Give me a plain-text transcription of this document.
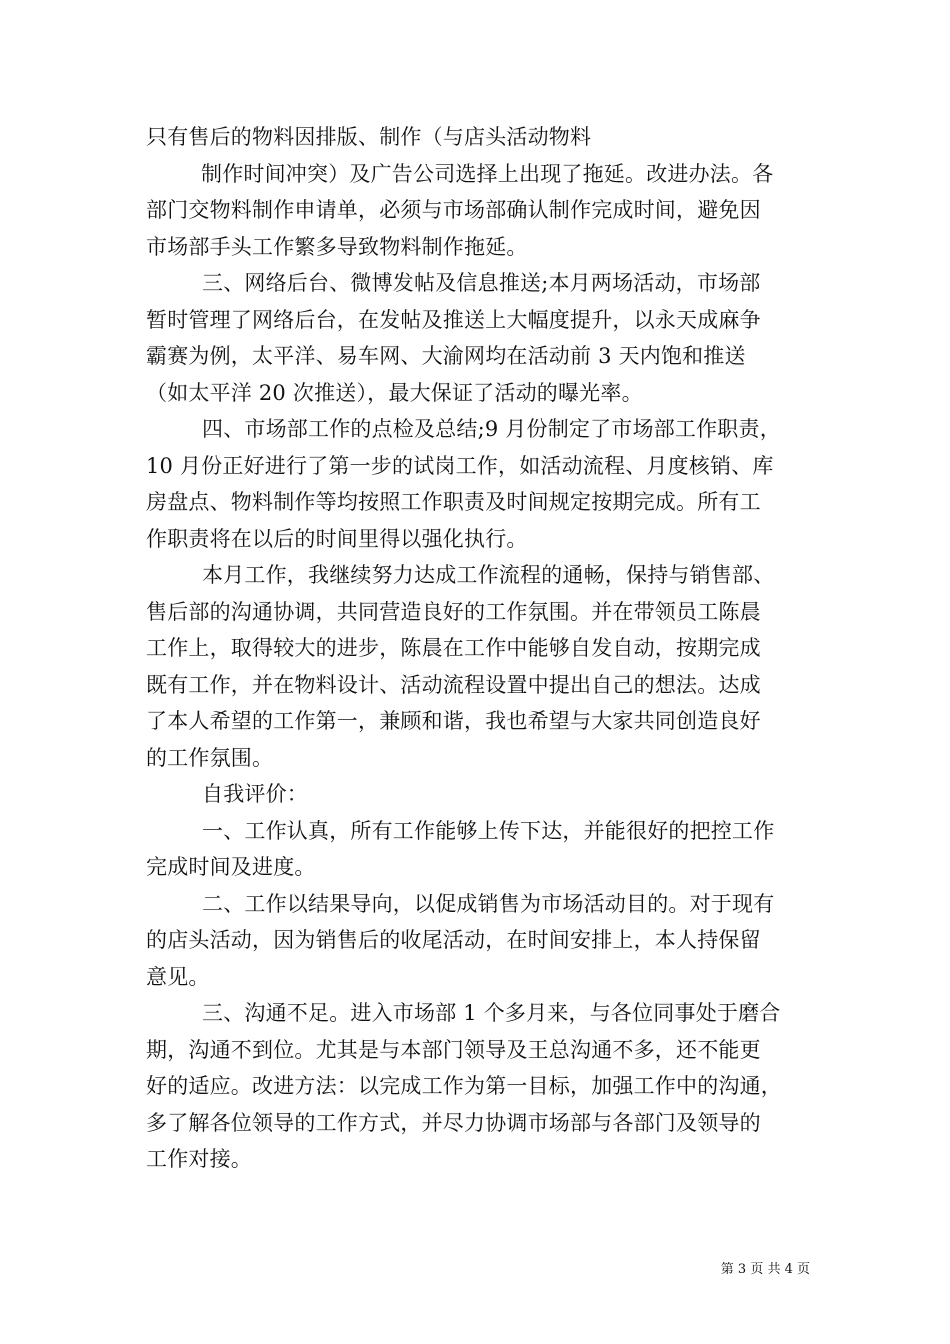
只有售后的物料因排版、制作（与店头活动物料
制作时间冲突）及广告公司选择上出现了拖延。改进办法。各
部门交物料制作申请单，必须与市场部确认制作完成时间，避免因
市场部手头工作繁多导致物料制作拖延。
三、网络后台、微博发帖及信息推送;本月两场活动，市场部
暂时管理了网络后台，在发帖及推送上大幅度提升，以永天成麻争
霸赛为例，太平洋、易车网、大渝网均在活动前 3 天内饱和推送
（如太平洋 20 次推送），最大保证了活动的曝光率。
四、市场部工作的点检及总结;9 月份制定了市场部工作职责，
10 月份正好进行了第一步的试岗工作，如活动流程、月度核销、库
房盘点、物料制作等均按照工作职责及时间规定按期完成。所有工
作职责将在以后的时间里得以强化执行。
本月工作，我继续努力达成工作流程的通畅，保持与销售部、
售后部的沟通协调，共同营造良好的工作氛围。并在带领员工陈晨
工作上，取得较大的进步，陈晨在工作中能够自发自动，按期完成
既有工作，并在物料设计、活动流程设置中提出自己的想法。达成
了本人希望的工作第一，兼顾和谐，我也希望与大家共同创造良好
的工作氛围。
自我评价：
一、工作认真，所有工作能够上传下达，并能很好的把控工作
完成时间及进度。
二、工作以结果导向，以促成销售为市场活动目的。对于现有
的店头活动，因为销售后的收尾活动，在时间安排上，本人持保留
意见。
三、沟通不足。进入市场部 1 个多月来，与各位同事处于磨合
期，沟通不到位。尤其是与本部门领导及王总沟通不多，还不能更
好的适应。改进方法：以完成工作为第一目标，加强工作中的沟通，
多了解各位领导的工作方式，并尽力协调市场部与各部门及领导的
工作对接。
第 3 页 共 4 页
